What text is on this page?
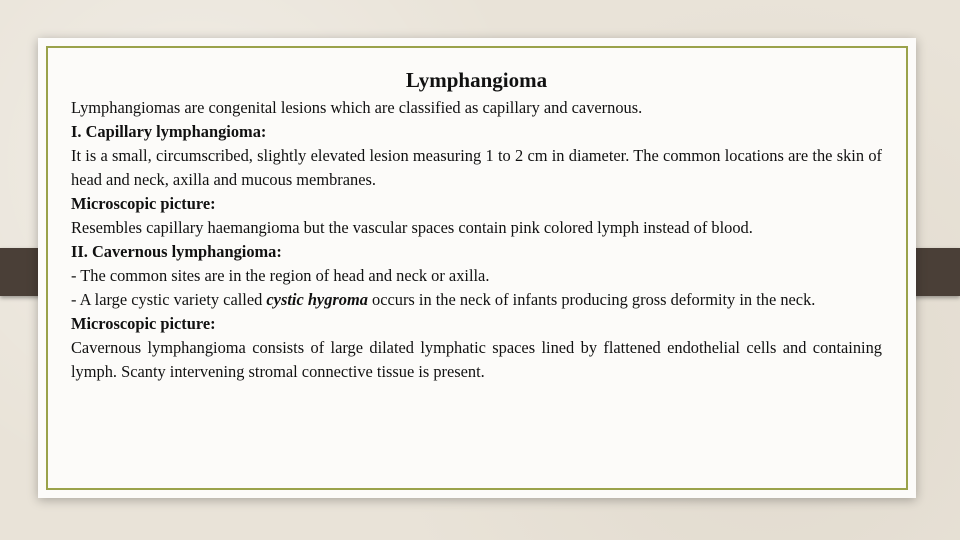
Lymphangioma

Lymphangiomas are congenital lesions which are classified as capillary and cavernous.

I. Capillary lymphangioma:

It is a small, circumscribed, slightly elevated lesion measuring 1 to 2 cm in diameter. The common locations are the skin of head and neck, axilla and mucous membranes.

Microscopic picture:

Resembles capillary haemangioma but the vascular spaces contain pink colored lymph instead of blood.

II. Cavernous lymphangioma:

- The common sites are in the region of head and neck or axilla.

- A large cystic variety called cystic hygroma occurs in the neck of infants producing gross deformity in the neck.

Microscopic picture:

Cavernous lymphangioma consists of large dilated lymphatic spaces lined by flattened endothelial cells and containing lymph. Scanty intervening stromal connective tissue is present.
